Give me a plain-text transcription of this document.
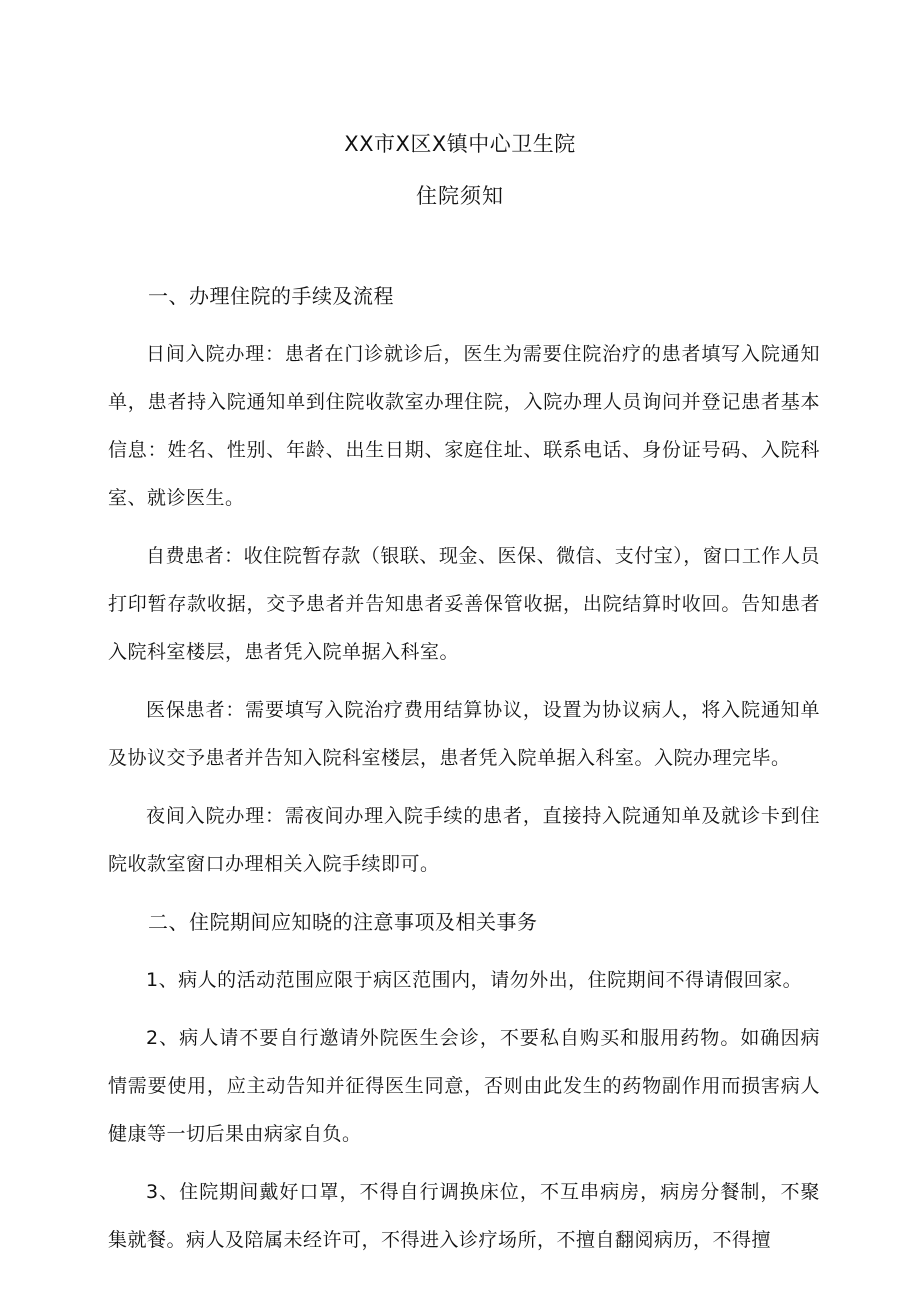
XX市X区X镇中心卫生院
住院须知
一、办理住院的手续及流程

日间入院办理：患者在门诊就诊后，医生为需要住院治疗的患者填写入院通知单，患者持入院通知单到住院收款室办理住院，入院办理人员询问并登记患者基本信息：姓名、性别、年龄、出生日期、家庭住址、联系电话、身份证号码、入院科室、就诊医生。

自费患者：收住院暂存款（银联、现金、医保、微信、支付宝），窗口工作人员打印暂存款收据，交予患者并告知患者妥善保管收据，出院结算时收回。告知患者入院科室楼层，患者凭入院单据入科室。

医保患者：需要填写入院治疗费用结算协议，设置为协议病人，将入院通知单及协议交予患者并告知入院科室楼层，患者凭入院单据入科室。入院办理完毕。

夜间入院办理：需夜间办理入院手续的患者，直接持入院通知单及就诊卡到住院收款室窗口办理相关入院手续即可。

二、住院期间应知晓的注意事项及相关事务

1、病人的活动范围应限于病区范围内，请勿外出，住院期间不得请假回家。

2、病人请不要自行邀请外院医生会诊，不要私自购买和服用药物。如确因病情需要使用，应主动告知并征得医生同意，否则由此发生的药物副作用而损害病人健康等一切后果由病家自负。

3、住院期间戴好口罩，不得自行调换床位，不互串病房，病房分餐制，不聚集就餐。病人及陪属未经许可，不得进入诊疗场所，不擅自翻阅病历，不得擅
